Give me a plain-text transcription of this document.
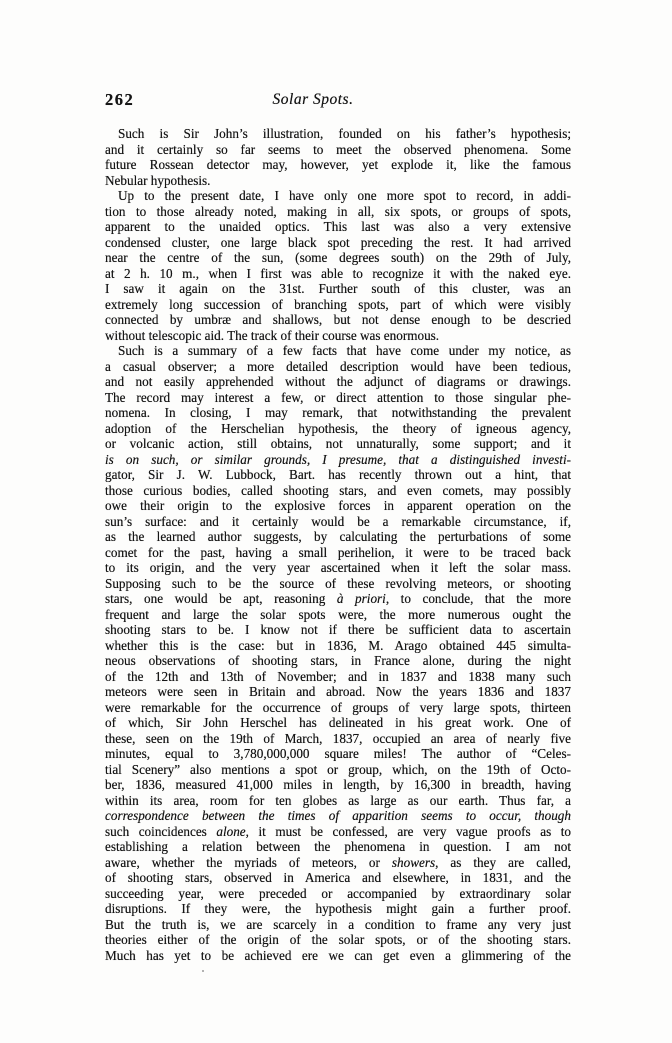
262	Solar Spots.
Such is Sir John’s illustration, founded on his father’s hypothesis;
and it certainly so far seems to meet the observed phenomena. Some
future Rossean detector may, however, yet explode it, like the famous
Nebular hypothesis.
Up to the present date, I have only one more spot to record, in addi-
tion to those already noted, making in all, six spots, or groups of spots,
apparent to the unaided optics. This last was also a very extensive
condensed cluster, one large black spot preceding the rest. It had arrived
near the centre of the sun, (some degrees south) on the 29th of July,
at 2 h. 10 m., when I first was able to recognize it with the naked eye.
I saw it again on the 31st. Further south of this cluster, was an
extremely long succession of branching spots, part of which were visibly
connected by umbræ and shallows, but not dense enough to be descried
without telescopic aid. The track of their course was enormous.
Such is a summary of a few facts that have come under my notice, as
a casual observer; a more detailed description would have been tedious,
and not easily apprehended without the adjunct of diagrams or drawings.
The record may interest a few, or direct attention to those singular phe-
nomena. In closing, I may remark, that notwithstanding the prevalent
adoption of the Herschelian hypothesis, the theory of igneous agency,
or volcanic action, still obtains, not unnaturally, some support; and it
is on such, or similar grounds, I presume, that a distinguished investi-
gator, Sir J. W. Lubbock, Bart. has recently thrown out a hint, that
those curious bodies, called shooting stars, and even comets, may possibly
owe their origin to the explosive forces in apparent operation on the
sun’s surface: and it certainly would be a remarkable circumstance, if,
as the learned author suggests, by calculating the perturbations of some
comet for the past, having a small perihelion, it were to be traced back
to its origin, and the very year ascertained when it left the solar mass.
Supposing such to be the source of these revolving meteors, or shooting
stars, one would be apt, reasoning à priori, to conclude, that the more
frequent and large the solar spots were, the more numerous ought the
shooting stars to be. I know not if there be sufficient data to ascertain
whether this is the case: but in 1836, M. Arago obtained 445 simulta-
neous observations of shooting stars, in France alone, during the night
of the 12th and 13th of November; and in 1837 and 1838 many such
meteors were seen in Britain and abroad. Now the years 1836 and 1837
were remarkable for the occurrence of groups of very large spots, thirteen
of which, Sir John Herschel has delineated in his great work. One of
these, seen on the 19th of March, 1837, occupied an area of nearly five
minutes, equal to 3,780,000,000 square miles! The author of “Celes-
tial Scenery” also mentions a spot or group, which, on the 19th of Octo-
ber, 1836, measured 41,000 miles in length, by 16,300 in breadth, having
within its area, room for ten globes as large as our earth. Thus far, a
correspondence between the times of apparition seems to occur, though
such coincidences alone, it must be confessed, are very vague proofs as to
establishing a relation between the phenomena in question. I am not
aware, whether the myriads of meteors, or showers, as they are called,
of shooting stars, observed in America and elsewhere, in 1831, and the
succeeding year, were preceded or accompanied by extraordinary solar
disruptions. If they were, the hypothesis might gain a further proof.
But the truth is, we are scarcely in a condition to frame any very just
theories either of the origin of the solar spots, or of the shooting stars.
Much has yet to be achieved ere we can get even a glimmering of the
